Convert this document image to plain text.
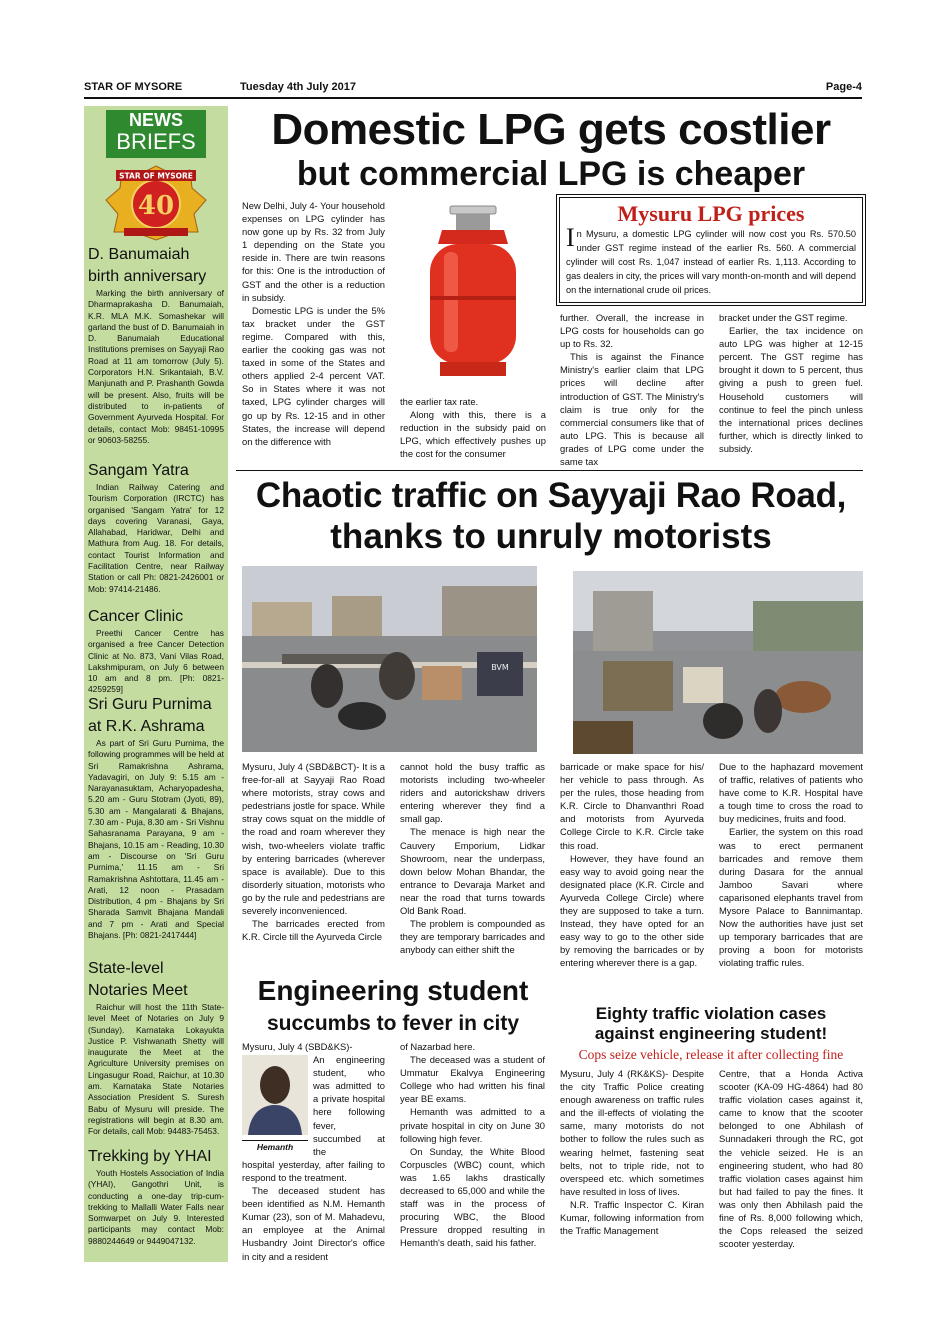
STAR OF MYSORE	Tuesday 4th July 2017	Page-4
NEWS
BRIEFS
STAR OF MYSORE
40
D. Banumaiah
birth anniversary
Marking the birth anniversary of Dharmaprakasha D. Banumaiah, K.R. MLA M.K. Somashekar will garland the bust of D. Banumaiah in D. Banumaiah Educational Institutions premises on Sayyaji Rao Road at 11 am tomorrow (July 5). Corporators H.N. Srikantaiah, B.V. Manjunath and P. Prashanth Gowda will be present. Also, fruits will be distributed to in-patients of Government Ayurveda Hospital. For details, contact Mob: 98451-10995 or 90603-58255.
Sangam Yatra
Indian Railway Catering and Tourism Corporation (IRCTC) has organised 'Sangam Yatra' for 12 days covering Varanasi, Gaya, Allahabad, Haridwar, Delhi and Mathura from Aug. 18. For details, contact Tourist Information and Facilitation Centre, near Railway Station or call Ph: 0821-2426001 or Mob: 97414-21486.
Cancer Clinic
Preethi Cancer Centre has organised a free Cancer Detection Clinic at No. 873, Vani Vilas Road, Lakshmipuram, on July 6 between 10 am and 8 pm. [Ph: 0821-4259259]
Sri Guru Purnima
at R.K. Ashrama
As part of Sri Guru Purnima, the following programmes will be held at Sri Ramakrishna Ashrama, Yadavagiri, on July 9: 5.15 am - Narayanasuktam, Acharyopadesha, 5.20 am - Guru Stotram (Jyoti, 89), 5.30 am - Mangalarati & Bhajans, 7.30 am - Puja, 8.30 am - Sri Vishnu Sahasranama Parayana, 9 am - Bhajans, 10.15 am - Reading, 10.30 am - Discourse on 'Sri Guru Purnima,' 11.15 am - Sri Ramakrishna Ashtottara, 11.45 am - Arati, 12 noon - Prasadam Distribution, 4 pm - Bhajans by Sri Sharada Samvit Bhajana Mandali and 7 pm - Arati and Special Bhajans. [Ph: 0821-2417444]
State-level
Notaries Meet
Raichur will host the 11th State-level Meet of Notaries on July 9 (Sunday). Karnataka Lokayukta Justice P. Vishwanath Shetty will inaugurate the Meet at the Agriculture University premises on Lingasugur Road, Raichur, at 10.30 am. Karnataka State Notaries Association President S. Suresh Babu of Mysuru will preside. The registrations will begin at 8.30 am. For details, call Mob: 94483-75453.
Trekking by YHAI
Youth Hostels Association of India (YHAI), Gangothri Unit, is conducting a one-day trip-cum-trekking to Mallalli Water Falls near Somwarpet on July 9. Interested participants may contact Mob: 9880244649 or 9449047132.
Domestic LPG gets costlier
but commercial LPG is cheaper

New Delhi, July 4- Your household expenses on LPG cylinder has now gone up by Rs. 32 from July 1 depending on the State you reside in. There are twin reasons for this: One is the introduction of GST and the other is a reduction in subsidy.

Domestic LPG is under the 5% tax bracket under the GST regime. Compared with this, earlier the cooking gas was not taxed in some of the States and others applied 2-4 percent VAT. So in States where it was not taxed, LPG cylinder charges will go up by Rs. 12-15 and in other States, the increase will depend on the difference with

the earlier tax rate.

Along with this, there is a reduction in the subsidy paid on LPG, which effectively pushes up the cost for the consumer

Mysuru LPG prices
In Mysuru, a domestic LPG cylinder will now cost you Rs. 570.50 under GST regime instead of the earlier Rs. 560. A commercial cylinder will cost Rs. 1,047 instead of earlier Rs. 1,113. According to gas dealers in city, the prices will vary month-on-month and will depend on the international crude oil prices.

further. Overall, the increase in LPG costs for households can go up to Rs. 32.

This is against the Finance Ministry's earlier claim that LPG prices will decline after introduction of GST. The Ministry's claim is true only for the commercial consumers like that of auto LPG. This is because all grades of LPG come under the same tax

bracket under the GST regime.

Earlier, the tax incidence on auto LPG was higher at 12-15 percent. The GST regime has brought it down to 5 percent, thus giving a push to green fuel. Household customers will continue to feel the pinch unless the international prices declines further, which is directly linked to subsidy.

Chaotic traffic on Sayyaji Rao Road,
thanks to unruly motorists
BVM

Mysuru, July 4 (SBD&BCT)- It is a free-for-all at Sayyaji Rao Road where motorists, stray cows and pedestrians jostle for space. While stray cows squat on the middle of the road and roam wherever they wish, two-wheelers violate traffic by entering barricades (wherever space is available). Due to this disorderly situation, motorists who go by the rule and pedestrians are severely inconvenienced.

The barricades erected from K.R. Circle till the Ayurveda Circle

cannot hold the busy traffic as motorists including two-wheeler riders and autorickshaw drivers entering wherever they find a small gap.

The menace is high near the Cauvery Emporium, Lidkar Showroom, near the underpass, down below Mohan Bhandar, the entrance to Devaraja Market and near the road that turns towards Old Bank Road.

The problem is compounded as they are temporary barricades and anybody can either shift the

barricade or make space for his/ her vehicle to pass through. As per the rules, those heading from K.R. Circle to Dhanvanthri Road and motorists from Ayurveda College Circle to K.R. Circle take this road.

However, they have found an easy way to avoid going near the designated place (K.R. Circle and Ayurveda College Circle) where they are supposed to take a turn. Instead, they have opted for an easy way to go to the other side by removing the barricades or by entering wherever there is a gap.

Due to the haphazard movement of traffic, relatives of patients who have come to K.R. Hospital have a tough time to cross the road to buy medicines, fruits and food.

Earlier, the system on this road was to erect permanent barricades and remove them during Dasara for the annual Jamboo Savari where caparisoned elephants travel from Mysore Palace to Bannimantap. Now the authorities have just set up temporary barricades that are proving a boon for motorists violating traffic rules.

Engineering student
succumbs to fever in city

Mysuru, July 4 (SBD&KS)-

Hemanth

An engineering student, who was admitted to a private hospital here following fever, succumbed at the

hospital yesterday, after failing to respond to the treatment.

The deceased student has been identified as N.M. Hemanth Kumar (23), son of M. Mahadevu, an employee at the Animal Husbandry Joint Director's office in city and a resident

of Nazarbad here.

The deceased was a student of Ummatur Ekalvya Engineering College who had written his final year BE exams.

Hemanth was admitted to a private hospital in city on June 30 following high fever.

On Sunday, the White Blood Corpuscles (WBC) count, which was 1.65 lakhs drastically decreased to 65,000 and while the staff was in the process of procuring WBC, the Blood Pressure dropped resulting in Hemanth's death, said his father.

Eighty traffic violation cases
against engineering student!
Cops seize vehicle, release it after collecting fine

Mysuru, July 4 (RK&KS)- Despite the city Traffic Police creating enough awareness on traffic rules and the ill-effects of violating the same, many motorists do not bother to follow the rules such as wearing helmet, fastening seat belts, not to triple ride, not to overspeed etc. which sometimes have resulted in loss of lives.

N.R. Traffic Inspector C. Kiran Kumar, following information from the Traffic Management

Centre, that a Honda Activa scooter (KA-09 HG-4864) had 80 traffic violation cases against it, came to know that the scooter belonged to one Abhilash of Sunnadakeri through the RC, got the vehicle seized. He is an engineering student, who had 80 traffic violation cases against him but had failed to pay the fines. It was only then Abhilash paid the fine of Rs. 8,000 following which, the Cops released the seized scooter yesterday.
